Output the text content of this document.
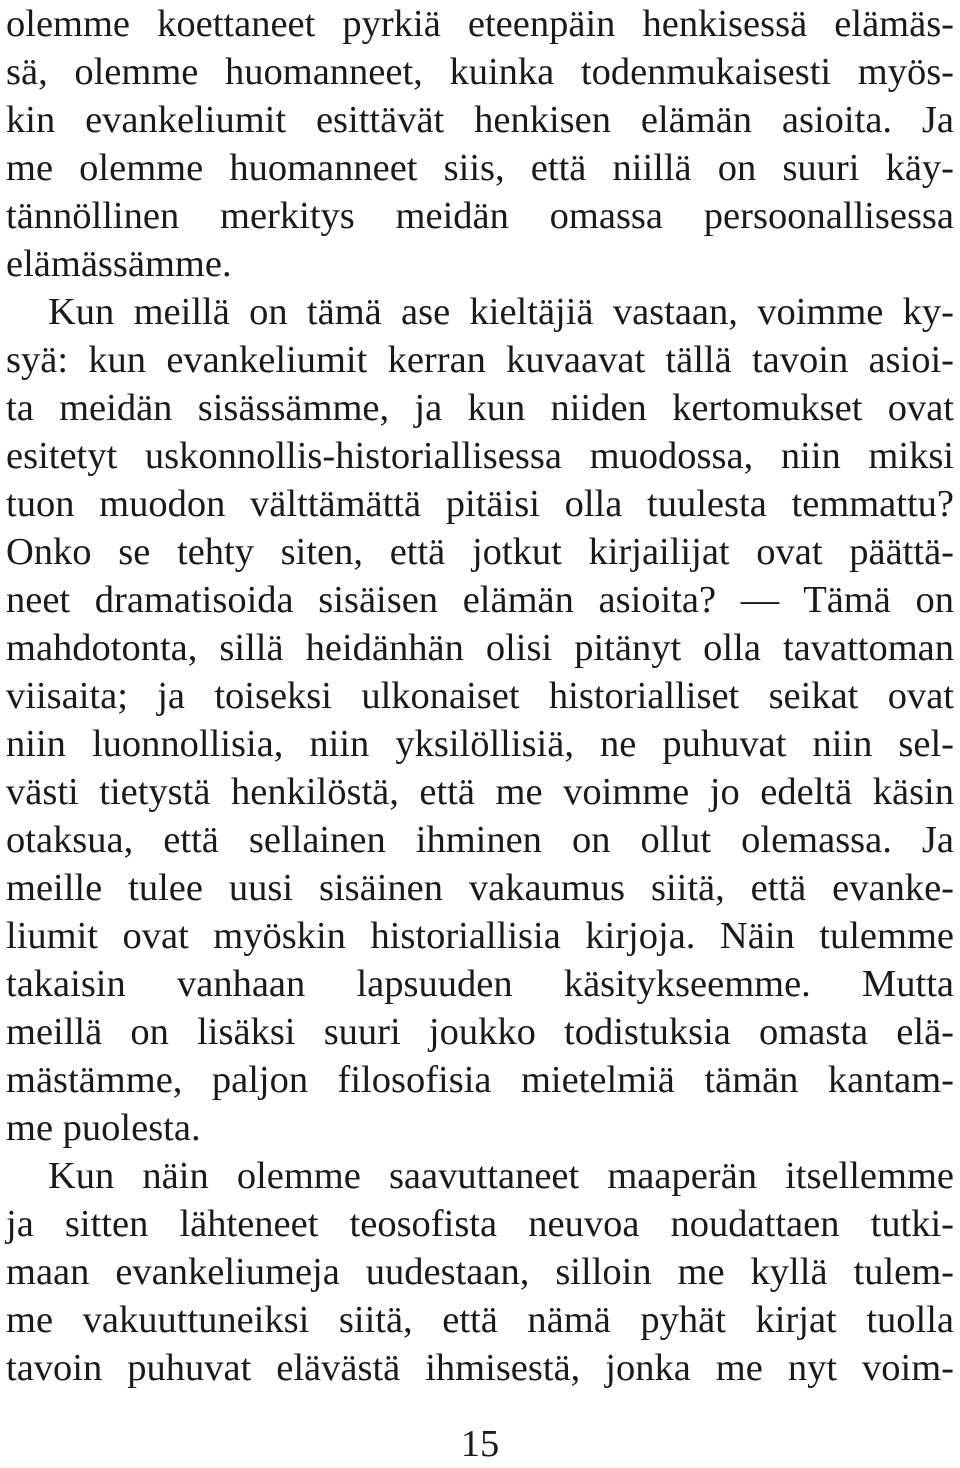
olemme koettaneet pyrkiä eteenpäin henkisessä elämäs-
sä, olemme huomanneet, kuinka todenmukaisesti myös-
kin evankeliumit esittävät henkisen elämän asioita. Ja
me olemme huomanneet siis, että niillä on suuri käy-
tännöllinen merkitys meidän omassa persoonallisessa
elämässämme.
Kun meillä on tämä ase kieltäjiä vastaan, voimme ky-
syä: kun evankeliumit kerran kuvaavat tällä tavoin asioi-
ta meidän sisässämme, ja kun niiden kertomukset ovat
esitetyt uskonnollis-historiallisessa muodossa, niin miksi
tuon muodon välttämättä pitäisi olla tuulesta temmattu?
Onko se tehty siten, että jotkut kirjailijat ovat päättä-
neet dramatisoida sisäisen elämän asioita? — Tämä on
mahdotonta, sillä heidänhän olisi pitänyt olla tavattoman
viisaita; ja toiseksi ulkonaiset historialliset seikat ovat
niin luonnollisia, niin yksilöllisiä, ne puhuvat niin sel-
västi tietystä henkilöstä, että me voimme jo edeltä käsin
otaksua, että sellainen ihminen on ollut olemassa. Ja
meille tulee uusi sisäinen vakaumus siitä, että evanke-
liumit ovat myöskin historiallisia kirjoja. Näin tulemme
takaisin vanhaan lapsuuden käsitykseemme. Mutta
meillä on lisäksi suuri joukko todistuksia omasta elä-
mästämme, paljon filosofisia mietelmiä tämän kantam-
me puolesta.
Kun näin olemme saavuttaneet maaperän itsellemme
ja sitten lähteneet teosofista neuvoa noudattaen tutki-
maan evankeliumeja uudestaan, silloin me kyllä tulem-
me vakuuttuneiksi siitä, että nämä pyhät kirjat tuolla
tavoin puhuvat elävästä ihmisestä, jonka me nyt voim-
15
